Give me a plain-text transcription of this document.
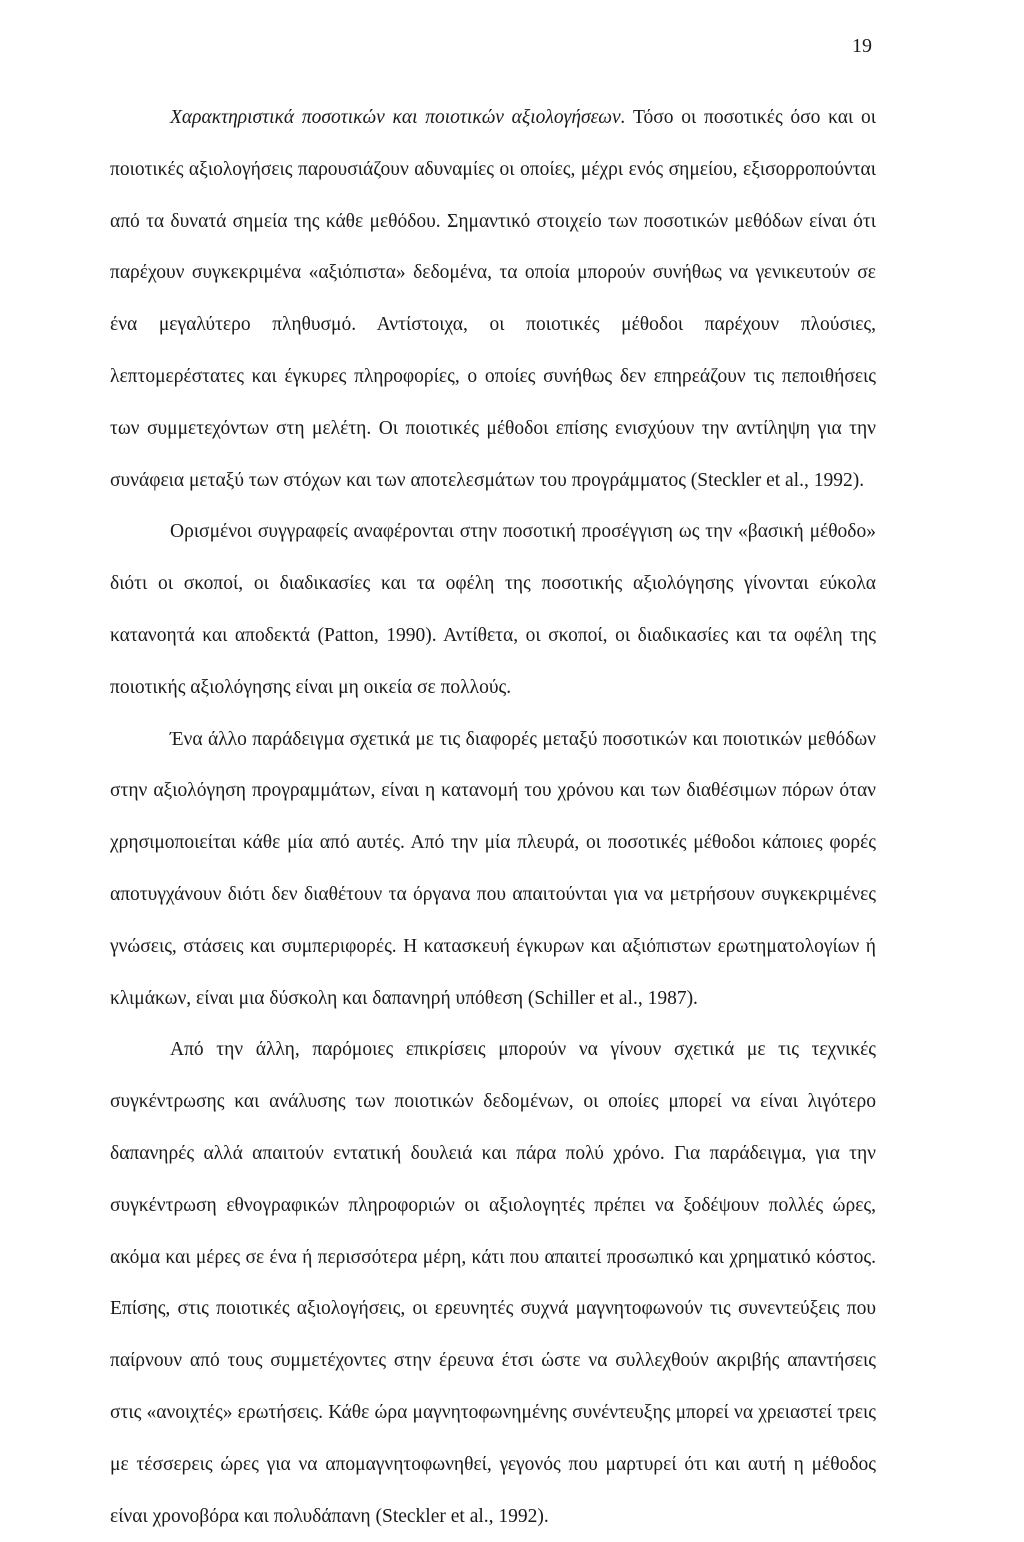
19

Χαρακτηριστικά ποσοτικών και ποιοτικών αξιολογήσεων. Τόσο οι ποσοτικές όσο και οι ποιοτικές αξιολογήσεις παρουσιάζουν αδυναμίες οι οποίες, μέχρι ενός σημείου, εξισορροπούνται από τα δυνατά σημεία της κάθε μεθόδου. Σημαντικό στοιχείο των ποσοτικών μεθόδων είναι ότι παρέχουν συγκεκριμένα «αξιόπιστα» δεδομένα, τα οποία μπορούν συνήθως να γενικευτούν σε ένα μεγαλύτερο πληθυσμό. Αντίστοιχα, οι ποιοτικές μέθοδοι παρέχουν πλούσιες, λεπτομερέστατες και έγκυρες πληροφορίες, ο οποίες συνήθως δεν επηρεάζουν τις πεποιθήσεις των συμμετεχόντων στη μελέτη. Οι ποιοτικές μέθοδοι επίσης ενισχύουν την αντίληψη για την συνάφεια μεταξύ των στόχων και των αποτελεσμάτων του προγράμματος (Steckler et al., 1992).

Ορισμένοι συγγραφείς αναφέρονται στην ποσοτική προσέγγιση ως την «βασική μέθοδο» διότι οι σκοποί, οι διαδικασίες και τα οφέλη της ποσοτικής αξιολόγησης γίνονται εύκολα κατανοητά και αποδεκτά (Patton, 1990). Αντίθετα, οι σκοποί, οι διαδικασίες και τα οφέλη της ποιοτικής αξιολόγησης είναι μη οικεία σε πολλούς.

Ένα άλλο παράδειγμα σχετικά με τις διαφορές μεταξύ ποσοτικών και ποιοτικών μεθόδων στην αξιολόγηση προγραμμάτων, είναι η κατανομή του χρόνου και των διαθέσιμων πόρων όταν χρησιμοποιείται κάθε μία από αυτές. Από την μία πλευρά, οι ποσοτικές μέθοδοι κάποιες φορές αποτυγχάνουν διότι δεν διαθέτουν τα όργανα που απαιτούνται για να μετρήσουν συγκεκριμένες γνώσεις, στάσεις και συμπεριφορές. Η κατασκευή έγκυρων και αξιόπιστων ερωτηματολογίων ή κλιμάκων, είναι μια δύσκολη και δαπανηρή υπόθεση (Schiller et al., 1987).

Από την άλλη, παρόμοιες επικρίσεις μπορούν να γίνουν σχετικά με τις τεχνικές συγκέντρωσης και ανάλυσης των ποιοτικών δεδομένων, οι οποίες μπορεί να είναι λιγότερο δαπανηρές αλλά απαιτούν εντατική δουλειά και πάρα πολύ χρόνο. Για παράδειγμα, για την συγκέντρωση εθνογραφικών πληροφοριών οι αξιολογητές πρέπει να ξοδέψουν πολλές ώρες, ακόμα και μέρες σε ένα ή περισσότερα μέρη, κάτι που απαιτεί προσωπικό και χρηματικό κόστος. Επίσης, στις ποιοτικές αξιολογήσεις, οι ερευνητές συχνά μαγνητοφωνούν τις συνεντεύξεις που παίρνουν από τους συμμετέχοντες στην έρευνα έτσι ώστε να συλλεχθούν ακριβής απαντήσεις στις «ανοιχτές» ερωτήσεις. Κάθε ώρα μαγνητοφωνημένης συνέντευξης μπορεί να χρειαστεί τρεις με τέσσερεις ώρες για να απομαγνητοφωνηθεί, γεγονός που μαρτυρεί ότι και αυτή η μέθοδος είναι χρονοβόρα και πολυδάπανη (Steckler et al., 1992).
